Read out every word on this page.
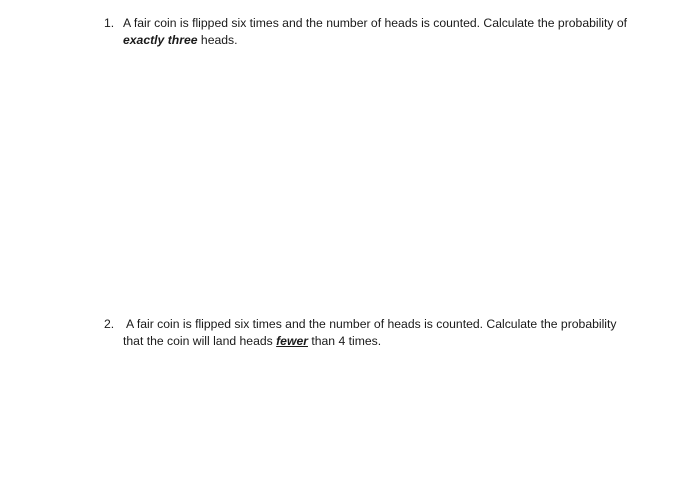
1. A fair coin is flipped six times and the number of heads is counted. Calculate the probability of
exactly three heads.
2. A fair coin is flipped six times and the number of heads is counted. Calculate the probability
that the coin will land heads fewer than 4 times.
